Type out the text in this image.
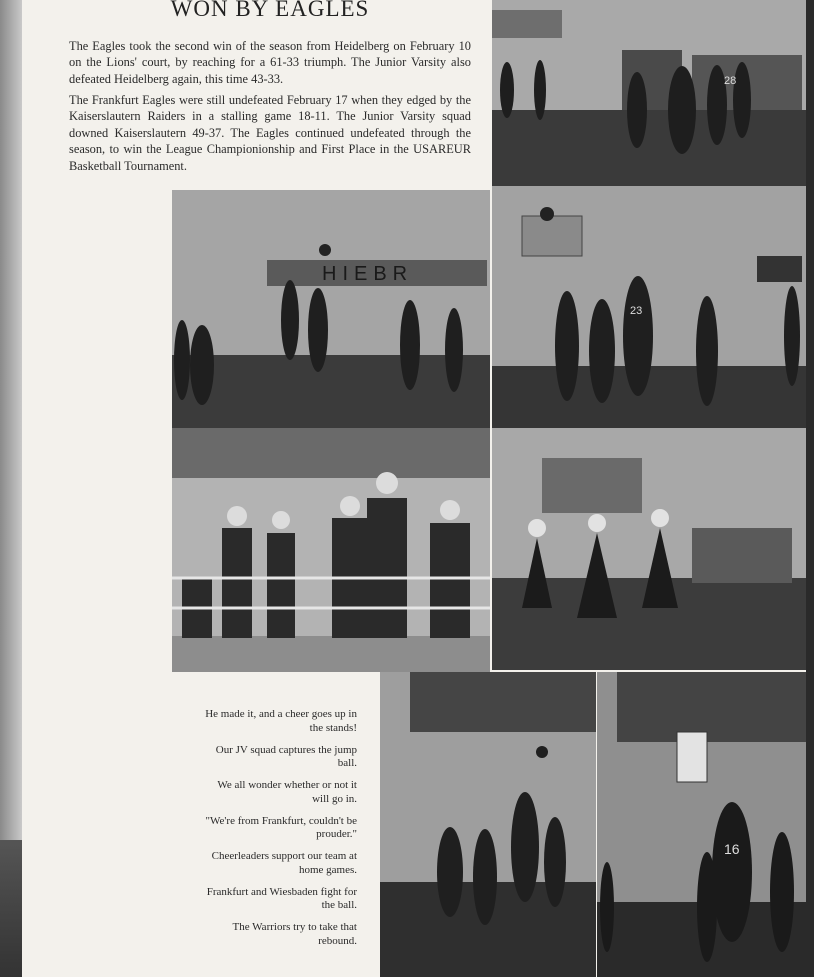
WON BY EAGLES
The Eagles took the second win of the season from Heidelberg on February 10 on the Lions' court, by reaching for a 61-33 triumph. The Junior Varsity also defeated Heidelberg again, this time 43-33.
The Frankfurt Eagles were still undefeated February 17 when they edged by the Kaiserslautern Raiders in a stalling game 18-11. The Junior Varsity squad downed Kaiserslautern 49-37. The Eagles continued undefeated through the season, to win the League Championionship and First Place in the USAREUR Basketball Tournament.
28
HIEBR
23
16
He made it, and a cheer goes up in the stands!
Our JV squad captures the jump ball.
We all wonder whether or not it will go in.
"We're from Frankfurt, couldn't be prouder."
Cheerleaders support our team at home games.
Frankfurt and Wiesbaden fight for the ball.
The Warriors try to take that rebound.
